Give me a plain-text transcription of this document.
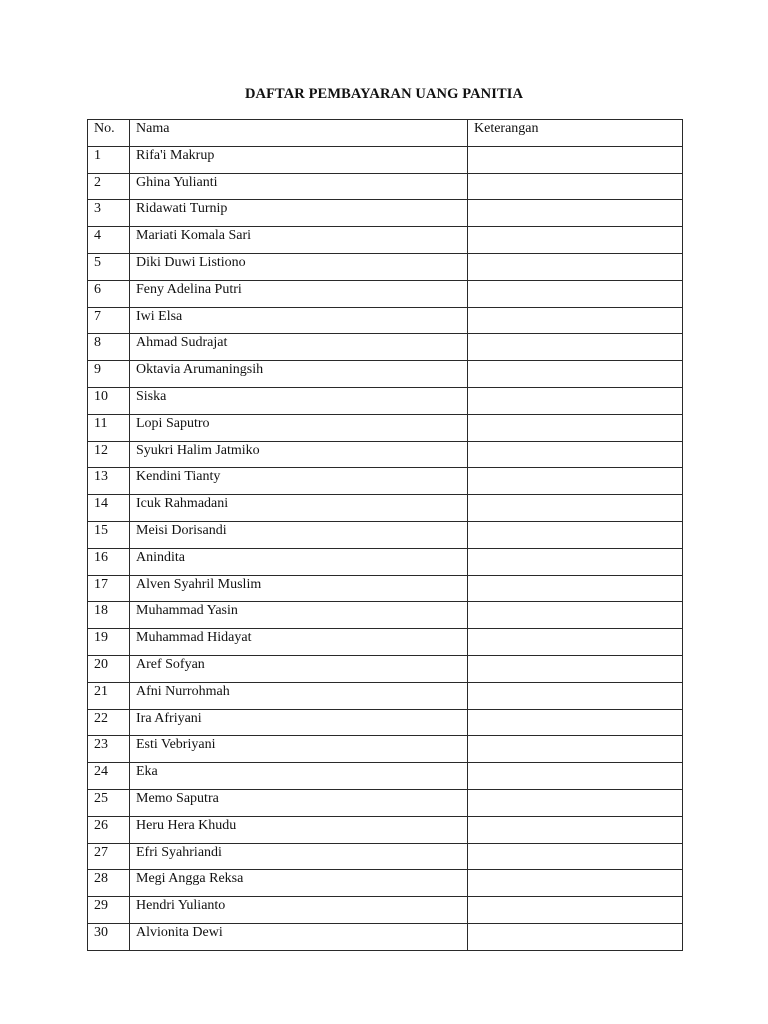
DAFTAR PEMBAYARAN UANG PANITIA
No.	Nama	Keterangan
1	Rifa'i Makrup	
2	Ghina Yulianti	
3	Ridawati Turnip	
4	Mariati Komala Sari	
5	Diki Duwi Listiono	
6	Feny Adelina Putri	
7	Iwi Elsa	
8	Ahmad Sudrajat	
9	Oktavia Arumaningsih	
10	Siska	
11	Lopi Saputro	
12	Syukri Halim Jatmiko	
13	Kendini Tianty	
14	Icuk Rahmadani	
15	Meisi Dorisandi	
16	Anindita	
17	Alven Syahril Muslim	
18	Muhammad Yasin	
19	Muhammad Hidayat	
20	Aref Sofyan	
21	Afni Nurrohmah	
22	Ira Afriyani	
23	Esti Vebriyani	
24	Eka	
25	Memo Saputra	
26	Heru Hera Khudu	
27	Efri Syahriandi	
28	Megi Angga Reksa	
29	Hendri Yulianto	
30	Alvionita Dewi	
